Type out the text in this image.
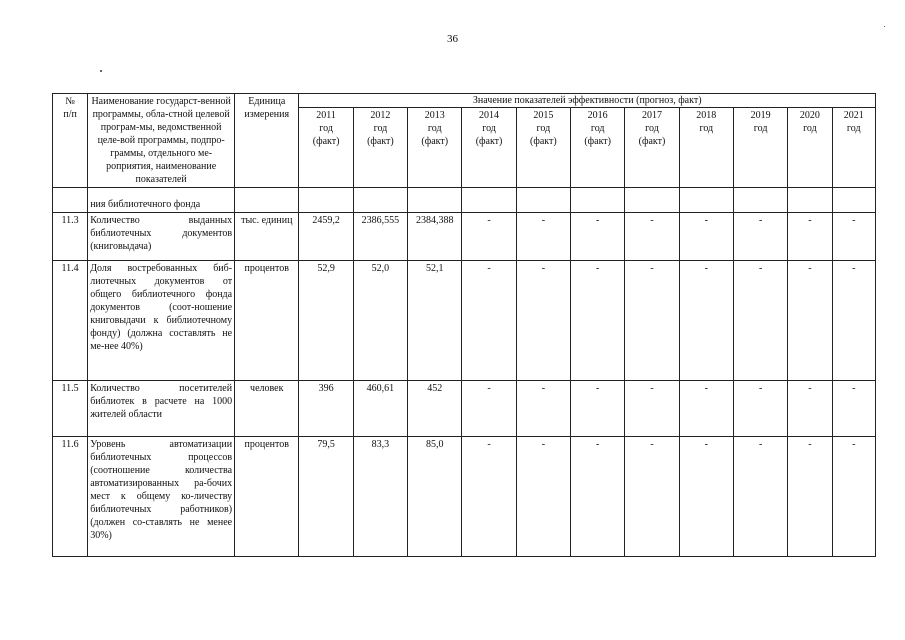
36
№
п/п	Наименование государст-венной программы, обла-стной целевой програм-мы, ведомственной целе-вой программы, подпро-граммы, отдельного ме-роприятия, наименование показателей	Единица измерения	Значение показателей эффективности (прогноз, факт)										
			2011
год
(факт)	2012
год
(факт)	2013
год
(факт)	2014
год
(факт)	2015
год
(факт)	2016
год
(факт)	2017
год
(факт)	2018
год	2019
год	2020
год	2021
год
	ния библиотечного фонда												
11.3	Количество выданных библиотечных документов (книговыдача)	тыс. единиц	2459,2	2386,555	2384,388	-	-	-	-	-	-	-	-
11.4	Доля востребованных биб-лиотечных документов от общего библиотечного фонда документов (соот-ношение книговыдачи к библиотечному фонду) (должна составлять не ме-нее 40%)	процентов	52,9	52,0	52,1	-	-	-	-	-	-	-	-
11.5	Количество посетителей библиотек в расчете на 1000 жителей области	человек	396	460,61	452	-	-	-	-	-	-	-	-
11.6	Уровень автоматизации библиотечных процессов (соотношение количества автоматизированных ра-бочих мест к общему ко-личеству библиотечных работников) (должен со-ставлять не менее 30%)	процентов	79,5	83,3	85,0	-	-	-	-	-	-	-	-
